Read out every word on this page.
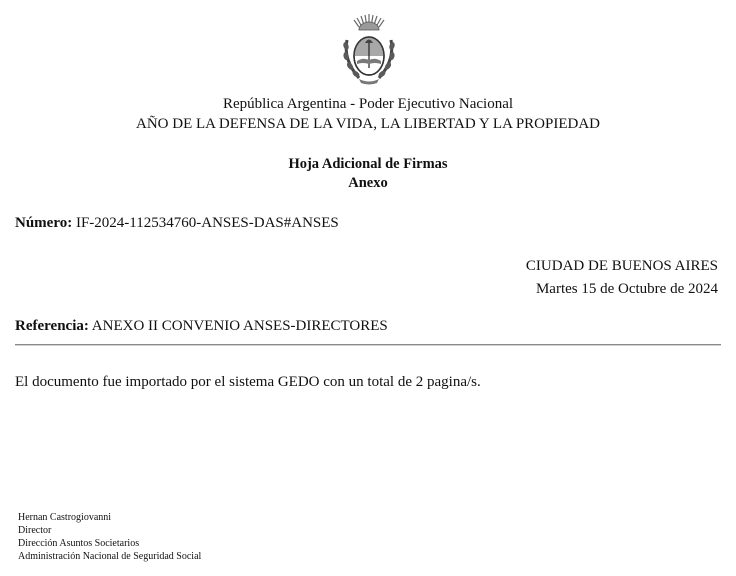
República Argentina - Poder Ejecutivo Nacional
AÑO DE LA DEFENSA DE LA VIDA, LA LIBERTAD Y LA PROPIEDAD
Hoja Adicional de Firmas
Anexo
Número: IF-2024-112534760-ANSES-DAS#ANSES
CIUDAD DE BUENOS AIRES
Martes 15 de Octubre de 2024
Referencia: ANEXO II CONVENIO ANSES-DIRECTORES
El documento fue importado por el sistema GEDO con un total de 2 pagina/s.
Hernan Castrogiovanni
Director
Dirección Asuntos Societarios
Administración Nacional de Seguridad Social
